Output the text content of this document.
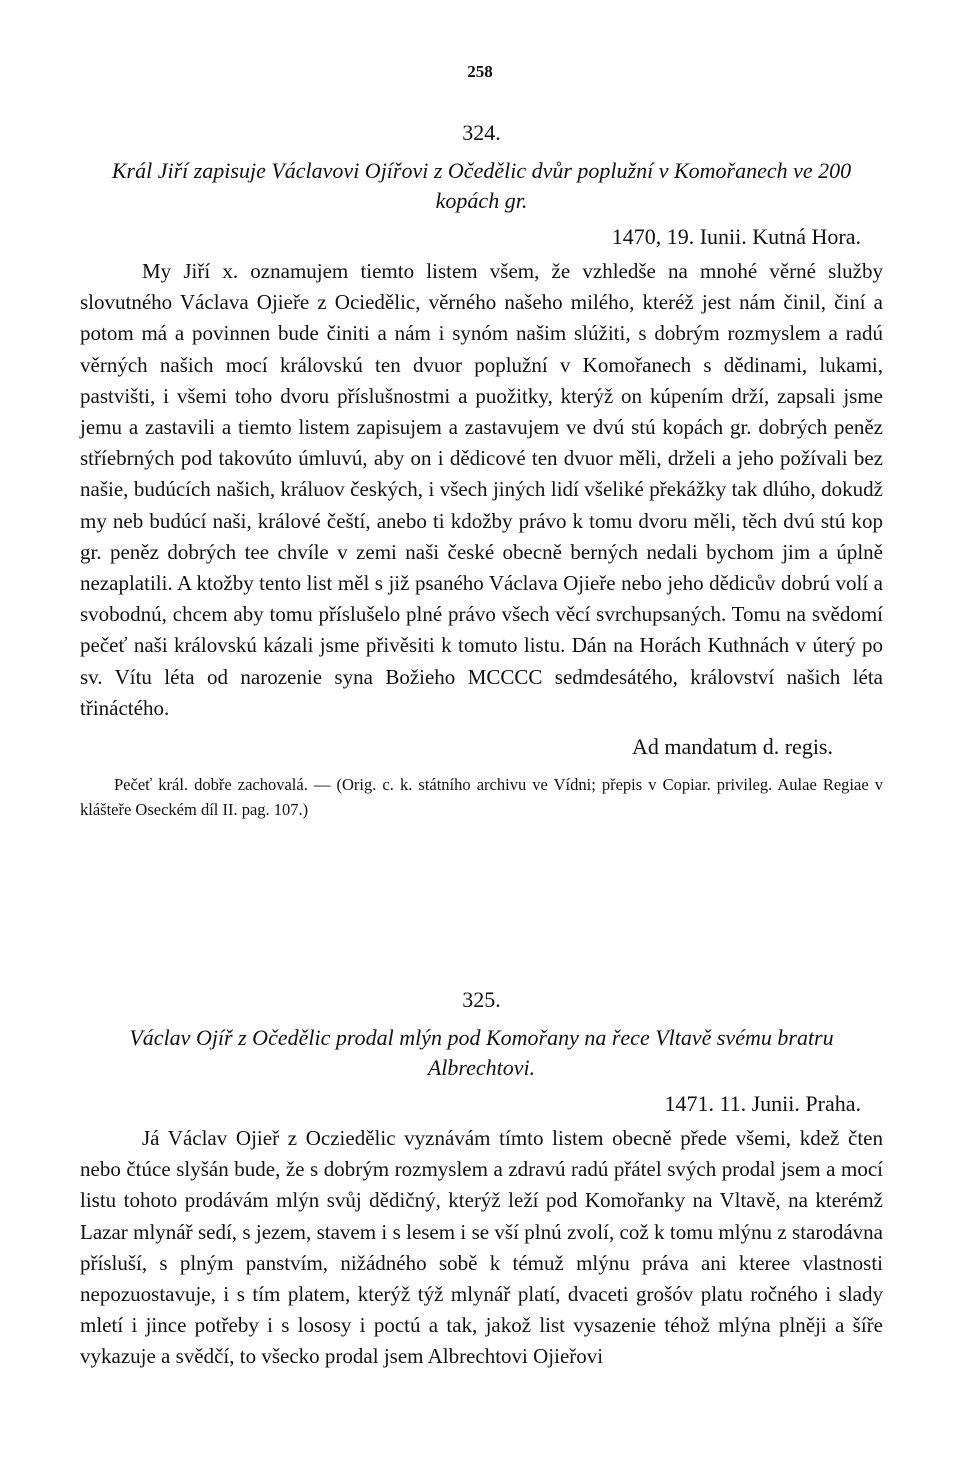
258
324.

Král Jiří zapisuje Václavovi Ojířovi z Očedělic dvůr poplužní v Komořanech ve 200 kopách gr.

1470, 19. Iunii. Kutná Hora.

My Jiří x. oznamujem tiemto listem všem, že vzhledše na mnohé věrné služby slovutného Václava Ojieře z Ociedělic, věrného našeho milého, kteréž jest nám činil, činí a potom má a povinnen bude činiti a nám i synóm našim slúžiti, s dobrým rozmyslem a radú věrných našich mocí královskú ten dvuor poplužní v Komořanech s dědinami, lukami, pastvišti, i všemi toho dvoru příslušnostmi a puožitky, kterýž on kúpením drží, zapsali jsme jemu a zastavili a tiemto listem zapisujem a zastavujem ve dvú stú kopách gr. dobrých peněz stříebrných pod takovúto úmluvú, aby on i dědicové ten dvuor měli, drželi a jeho požívali bez našie, budúcích našich, králuov českých, i všech jiných lidí všeliké překážky tak dlúho, dokudž my neb budúcí naši, králové čeští, anebo ti kdožby právo k tomu dvoru měli, těch dvú stú kop gr. peněz dobrých tee chvíle v zemi naši české obecně berných nedali bychom jim a úplně nezaplatili. A ktožby tento list měl s již psaného Václava Ojieře nebo jeho dědicův dobrú volí a svobodnú, chcem aby tomu příslušelo plné právo všech věcí svrchupsaných. Tomu na svědomí pečeť naši královskú kázali jsme přivěsiti k tomuto listu. Dán na Horách Kuthnách v úterý po sv. Vítu léta od narozenie syna Božieho MCCCC sedmdesátého, království našich léta třináctého.

Ad mandatum d. regis.

Pečeť král. dobře zachovalá. — (Orig. c. k. státního archivu ve Vídni; přepis v Copiar. privileg. Aulae Regiae v klášteře Oseckém díl II. pag. 107.)

325.

Václav Ojíř z Očedělic prodal mlýn pod Komořany na řece Vltavě svému bratru Albrechtovi.

1471. 11. Junii. Praha.

Já Václav Ojieř z Ocziedělic vyznávám tímto listem obecně přede všemi, kdež čten nebo čtúce slyšán bude, že s dobrým rozmyslem a zdravú radú přátel svých prodal jsem a mocí listu tohoto prodávám mlýn svůj dědičný, kterýž leží pod Komořanky na Vltavě, na kterémž Lazar mlynář sedí, s jezem, stavem i s lesem i se vší plnú zvolí, což k tomu mlýnu z starodávna přísluší, s plným panstvím, nižádného sobě k témuž mlýnu práva ani kteree vlastnosti nepozuostavuje, i s tím platem, kterýž týž mlynář platí, dvaceti grošóv platu ročného i slady mletí i jince potřeby i s lososy i poctú a tak, jakož list vysazenie téhož mlýna plněji a šíře vykazuje a svědčí, to všecko prodal jsem Albrechtovi Ojieřovi
